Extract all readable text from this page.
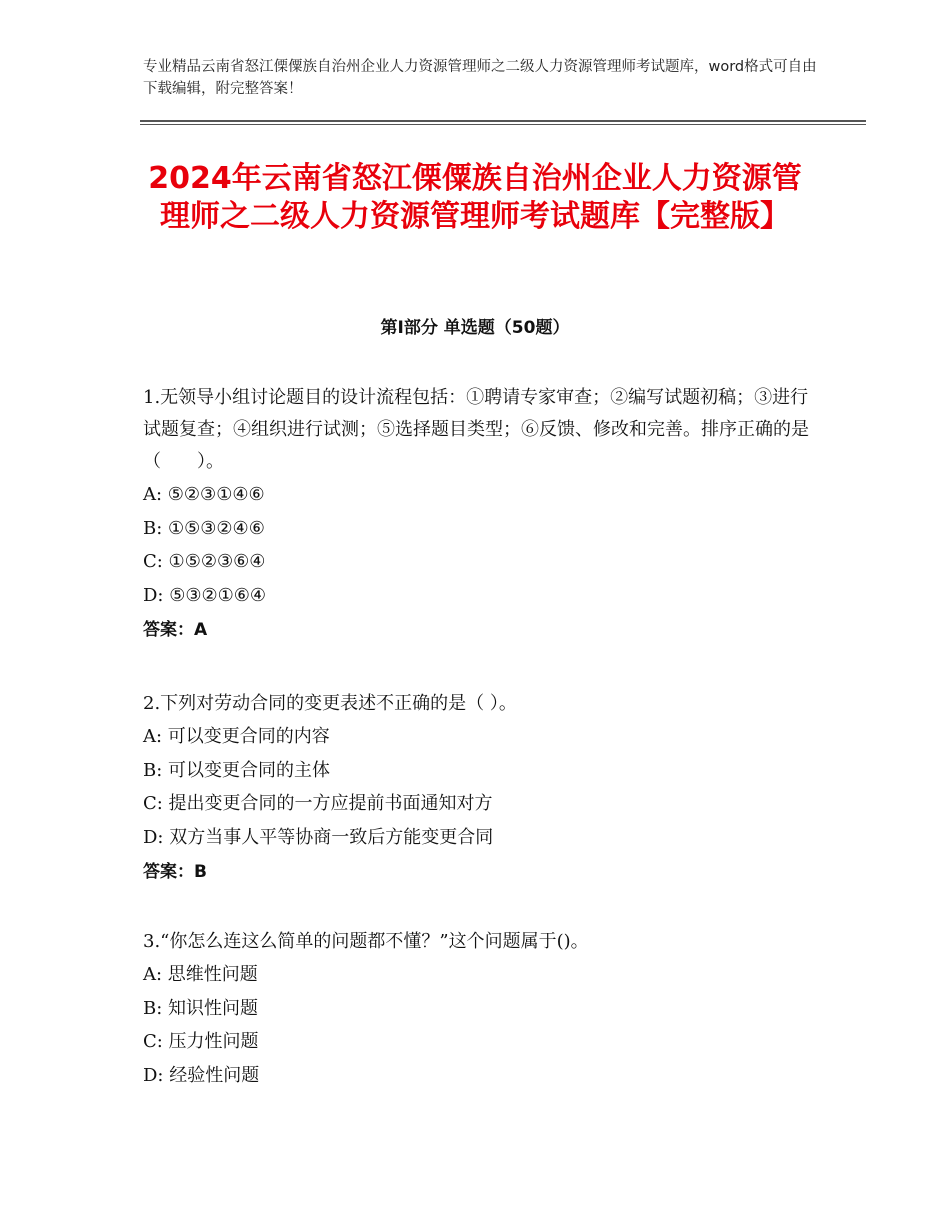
专业精品云南省怒江傈僳族自治州企业人力资源管理师之二级人力资源管理师考试题库，word格式可自由下载编辑，附完整答案！
2024年云南省怒江傈僳族自治州企业人力资源管理师之二级人力资源管理师考试题库【完整版】
第Ⅰ部分 单选题（50题）

1.无领导小组讨论题目的设计流程包括：①聘请专家审查；②编写试题初稿；③进行试题复查；④组织进行试测；⑤选择题目类型；⑥反馈、修改和完善。排序正确的是（　　）。

A: ⑤②③①④⑥
B: ①⑤③②④⑥
C: ①⑤②③⑥④
D: ⑤③②①⑥④
答案：A

2.下列对劳动合同的变更表述不正确的是（ ）。

A: 可以变更合同的内容
B: 可以变更合同的主体
C: 提出变更合同的一方应提前书面通知对方
D: 双方当事人平等协商一致后方能变更合同
答案：B

3.“你怎么连这么简单的问题都不懂？”这个问题属于()。

A: 思维性问题
B: 知识性问题
C: 压力性问题
D: 经验性问题
